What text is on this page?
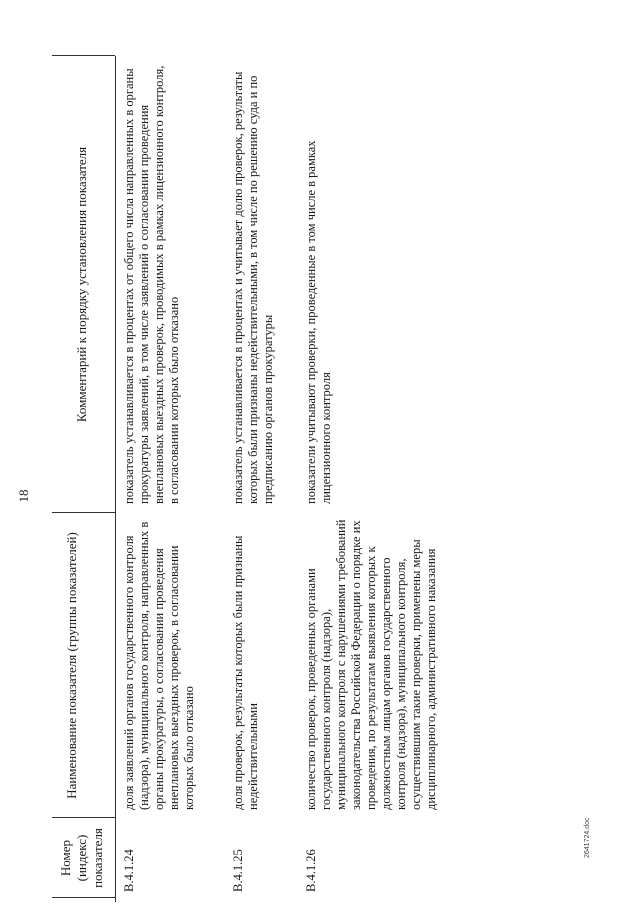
18
Номер (индекс) показателя
Наименование показателя (группы показателей)
Комментарий к порядку установления показателя
В.4.1.24
доля заявлений органов государственного контроля (надзора), муниципального контроля, направленных в органы прокуратуры, о согласовании проведения внеплановых выездных проверок, в согласовании которых было отказано
показатель устанавливается в процентах от общего числа направленных в органы прокуратуры заявлений, в том числе заявлений о согласовании проведения внеплановых выездных проверок, проводимых в рамках лицензионного контроля, в согласовании которых было отказано
В.4.1.25
доля проверок, результаты которых были признаны недействительными
показатель устанавливается в процентах и учитывает долю проверок, результаты которых были признаны недействительными, в том числе по решению суда и по предписанию органов прокуратуры
В.4.1.26
количество проверок, проведенных органами государственного контроля (надзора), муниципального контроля с нарушениями требований законодательства Российской Федерации о порядке их проведения, по результатам выявления которых к должностным лицам органов государственного контроля (надзора), муниципального контроля, осуществившим такие проверки, применены меры дисциплинарного, административного наказания
показатели учитывают проверки, проведенные в том числе в рамках лицензионного контроля
2641724.doc
